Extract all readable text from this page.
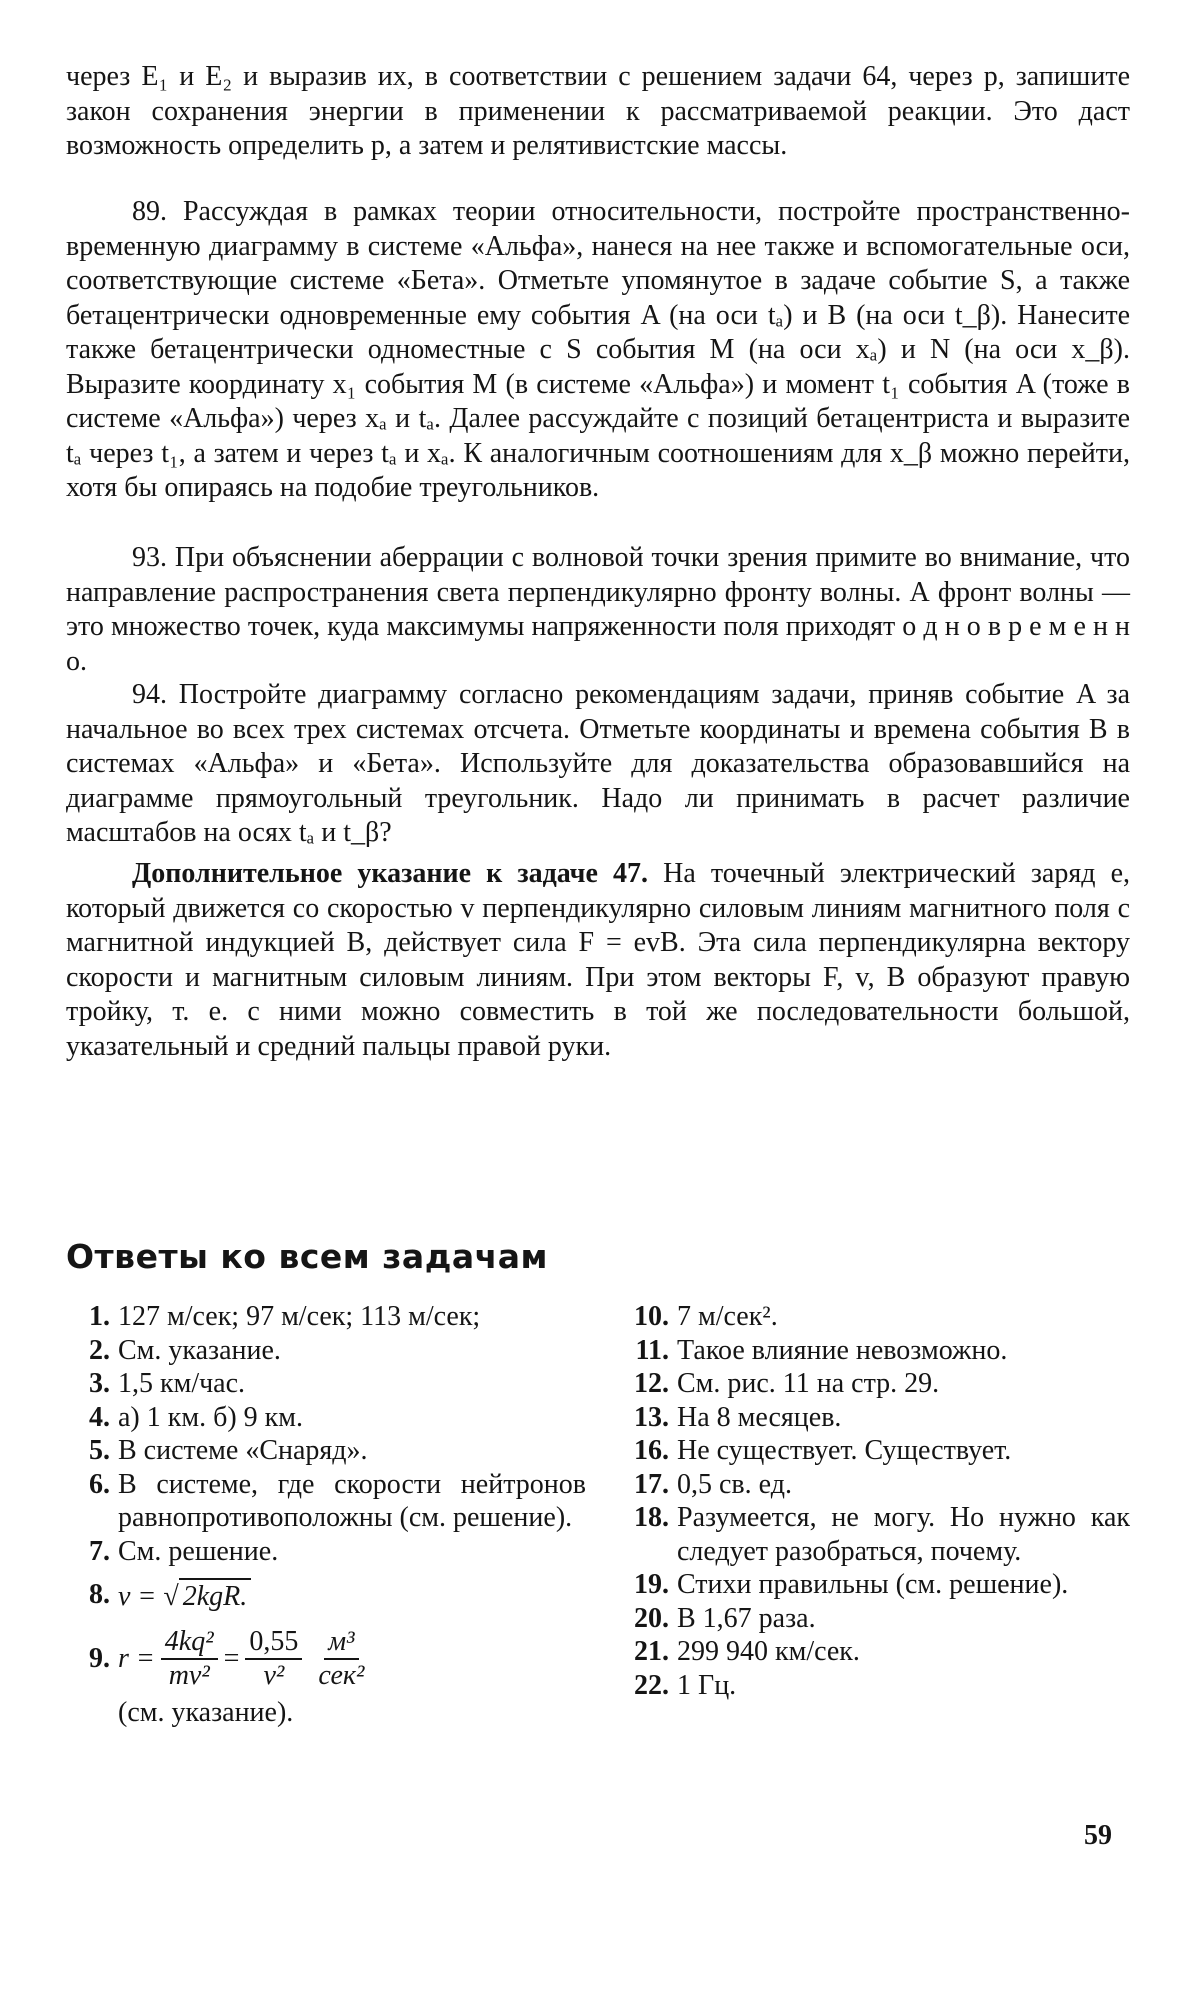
через E₁ и E₂ и выразив их, в соответствии с решением задачи 64, через p, запишите закон сохранения энергии в применении к рассматриваемой реакции. Это даст возможность определить p, а затем и релятивистские массы.

89. Рассуждая в рамках теории относительности, постройте пространственно-временную диаграмму в системе «Альфа», нанеся на нее также и вспомогательные оси, соответствующие системе «Бета». Отметьте упомянутое в задаче событие S, а также бетацентрически одновременные ему события A (на оси tₐ) и B (на оси t_β). Нанесите также бетацентрически одноместные с S события M (на оси xₐ) и N (на оси x_β). Выразите координату x₁ события M (в системе «Альфа») и момент t₁ события A (тоже в системе «Альфа») через xₐ и tₐ. Далее рассуждайте с позиций бетацентриста и выразите tₐ через t₁, а затем и через tₐ и xₐ. К аналогичным соотношениям для x_β можно перейти, хотя бы опираясь на подобие треугольников.

93. При объяснении аберрации с волновой точки зрения примите во внимание, что направление распространения света перпендикулярно фронту волны. А фронт волны — это множество точек, куда максимумы напряженности поля приходят о д н о в р е м е н н о.

94. Постройте диаграмму согласно рекомендациям задачи, приняв событие A за начальное во всех трех системах отсчета. Отметьте координаты и времена события B в системах «Альфа» и «Бета». Используйте для доказательства образовавшийся на диаграмме прямоугольный треугольник. Надо ли принимать в расчет различие масштабов на осях tₐ и t_β?

Дополнительное указание к задаче 47. На точечный электрический заряд e, который движется со скоростью v перпендикулярно силовым линиям магнитного поля с магнитной индукцией B, действует сила F = evB. Эта сила перпендикулярна вектору скорости и магнитным силовым линиям. При этом векторы F, v, B образуют правую тройку, т. е. с ними можно совместить в той же последовательности большой, указательный и средний пальцы правой руки.

Ответы ко всем задачам
1. 127 м/сек; 97 м/сек; 113 м/сек;
2. См. указание.
3. 1,5 км/час.
4. а) 1 км. б) 9 км.
5. В системе «Снаряд».
6. В системе, где скорости нейтронов равнопротивоположны (см. решение).
7. См. решение.
8. v = √ 2kgR.
9. $r = \frac{\text{4kq²}}{\text{mv²}} = \frac{0,55}{\text{v²}} \frac{\text{м³}}{\text{сек²}}$
(см. указание).
10. 7 м/сек².
11. Такое влияние невозможно.
12. См. рис. 11 на стр. 29.
13. На 8 месяцев.
16. Не существует. Существует.
17. 0,5 св. ед.
18. Разумеется, не могу. Но нужно как следует разобраться, почему.
19. Стихи правильны (см. решение).
20. В 1,67 раза.
21. 299 940 км/сек.
22. 1 Гц.
59
